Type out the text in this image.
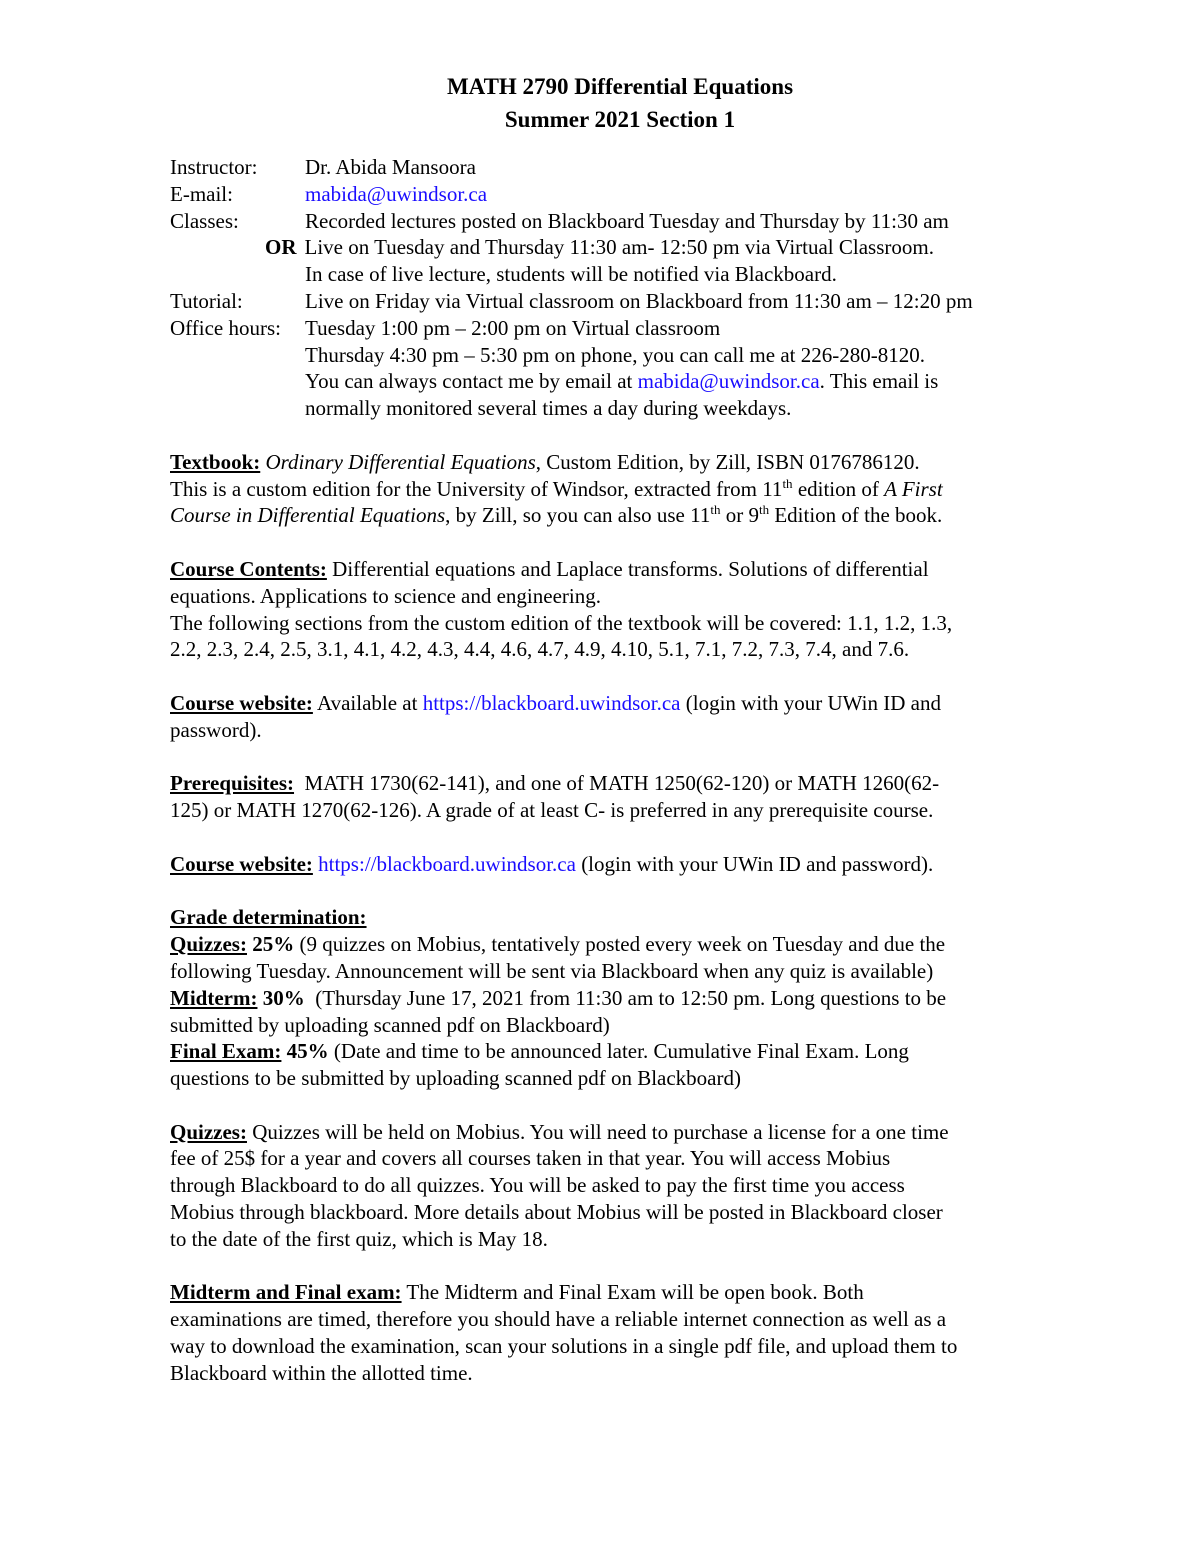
MATH 2790 Differential Equations
Summer 2021 Section 1
Instructor:	Dr. Abida Mansoora
E-mail:	mabida@uwindsor.ca
Classes:	Recorded lectures posted on Blackboard Tuesday and Thursday by 11:30 am
OR Live on Tuesday and Thursday 11:30 am- 12:50 pm via Virtual Classroom.
In case of live lecture, students will be notified via Blackboard.
Tutorial:	Live on Friday via Virtual classroom on Blackboard from 11:30 am – 12:20 pm
Office hours:	Tuesday 1:00 pm – 2:00 pm on Virtual classroom
Thursday 4:30 pm – 5:30 pm on phone, you can call me at 226-280-8120.
You can always contact me by email at mabida@uwindsor.ca. This email is
normally monitored several times a day during weekdays.
Textbook: Ordinary Differential Equations, Custom Edition, by Zill, ISBN 0176786120.
This is a custom edition for the University of Windsor, extracted from 11th edition of A First
Course in Differential Equations, by Zill, so you can also use 11th or 9th Edition of the book.
Course Contents: Differential equations and Laplace transforms. Solutions of differential
equations. Applications to science and engineering.
The following sections from the custom edition of the textbook will be covered: 1.1, 1.2, 1.3,
2.2, 2.3, 2.4, 2.5, 3.1, 4.1, 4.2, 4.3, 4.4, 4.6, 4.7, 4.9, 4.10, 5.1, 7.1, 7.2, 7.3, 7.4, and 7.6.
Course website: Available at https://blackboard.uwindsor.ca (login with your UWin ID and
password).
Prerequisites:  MATH 1730(62-141), and one of MATH 1250(62-120) or MATH 1260(62-
125) or MATH 1270(62-126). A grade of at least C- is preferred in any prerequisite course.
Course website: https://blackboard.uwindsor.ca (login with your UWin ID and password).
Grade determination:
Quizzes: 25% (9 quizzes on Mobius, tentatively posted every week on Tuesday and due the
following Tuesday. Announcement will be sent via Blackboard when any quiz is available)
Midterm: 30%  (Thursday June 17, 2021 from 11:30 am to 12:50 pm. Long questions to be
submitted by uploading scanned pdf on Blackboard)
Final Exam: 45% (Date and time to be announced later. Cumulative Final Exam. Long
questions to be submitted by uploading scanned pdf on Blackboard)
Quizzes: Quizzes will be held on Mobius. You will need to purchase a license for a one time
fee of 25$ for a year and covers all courses taken in that year. You will access Mobius
through Blackboard to do all quizzes. You will be asked to pay the first time you access
Mobius through blackboard. More details about Mobius will be posted in Blackboard closer
to the date of the first quiz, which is May 18.
Midterm and Final exam: The Midterm and Final Exam will be open book. Both
examinations are timed, therefore you should have a reliable internet connection as well as a
way to download the examination, scan your solutions in a single pdf file, and upload them to
Blackboard within the allotted time.
